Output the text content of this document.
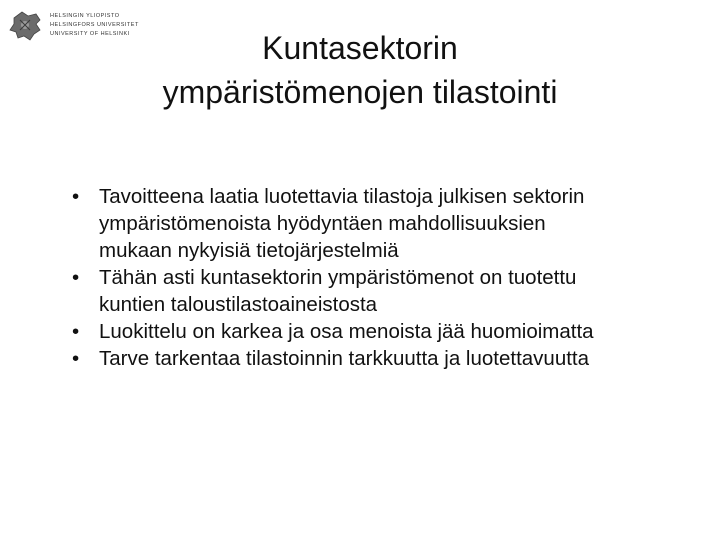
HELSINGIN YLIOPISTO
HELSINGFORS UNIVERSITET
UNIVERSITY OF HELSINKI	Kuntasektorin
ympäristömenojen tilastointi
• Tavoitteena laatia luotettavia tilastoja julkisen sektorin
ympäristömenoista hyödyntäen mahdollisuuksien
mukaan nykyisiä tietojärjestelmiä
• Tähän asti kuntasektorin ympäristömenot on tuotettu
kuntien taloustilastoaineistosta
• Luokittelu on karkea ja osa menoista jää huomioimatta
• Tarve tarkentaa tilastoinnin tarkkuutta ja luotettavuutta
